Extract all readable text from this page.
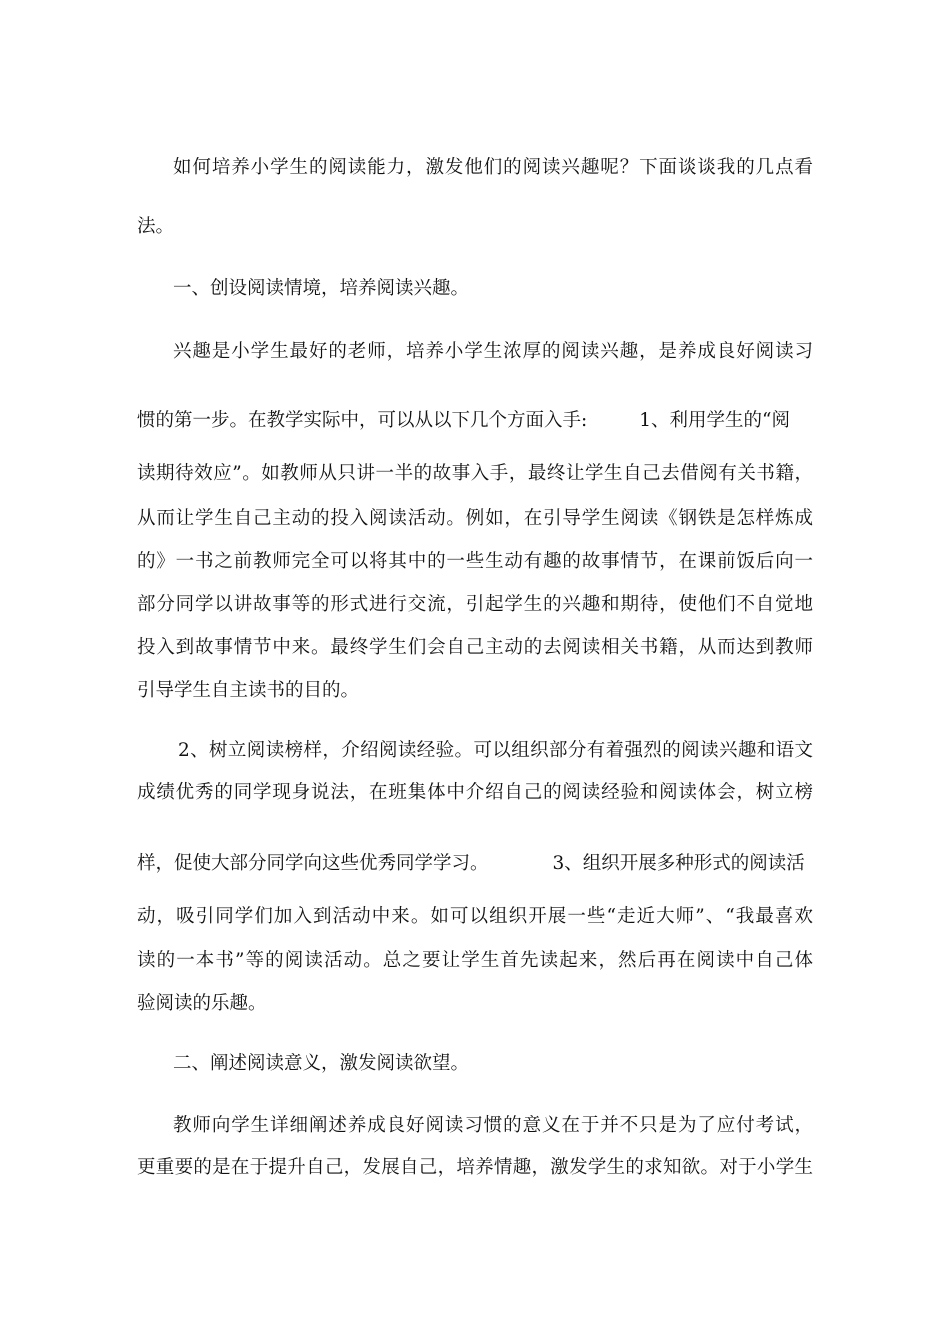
如何培养小学生的阅读能力，激发他们的阅读兴趣呢？下面谈谈我的几点看
法。
一、创设阅读情境，培养阅读兴趣。
兴趣是小学生最好的老师，培养小学生浓厚的阅读兴趣，是养成良好阅读习
惯的第一步。在教学实际中，可以从以下几个方面入手:	1、利用学生的“阅
读期待效应”。如教师从只讲一半的故事入手，最终让学生自己去借阅有关书籍，
从而让学生自己主动的投入阅读活动。例如，在引导学生阅读《钢铁是怎样炼成
的》一书之前教师完全可以将其中的一些生动有趣的故事情节，在课前饭后向一
部分同学以讲故事等的形式进行交流，引起学生的兴趣和期待，使他们不自觉地
投入到故事情节中来。最终学生们会自己主动的去阅读相关书籍，从而达到教师
引导学生自主读书的目的。
2、树立阅读榜样，介绍阅读经验。可以组织部分有着强烈的阅读兴趣和语文
成绩优秀的同学现身说法，在班集体中介绍自己的阅读经验和阅读体会，树立榜
样，促使大部分同学向这些优秀同学学习。	3、组织开展多种形式的阅读活
动，吸引同学们加入到活动中来。如可以组织开展一些“走近大师”、“我最喜欢
读的一本书”等的阅读活动。总之要让学生首先读起来，然后再在阅读中自己体
验阅读的乐趣。
二、阐述阅读意义，激发阅读欲望。
教师向学生详细阐述养成良好阅读习惯的意义在于并不只是为了应付考试，
更重要的是在于提升自己，发展自己，培养情趣，激发学生的求知欲。对于小学生
